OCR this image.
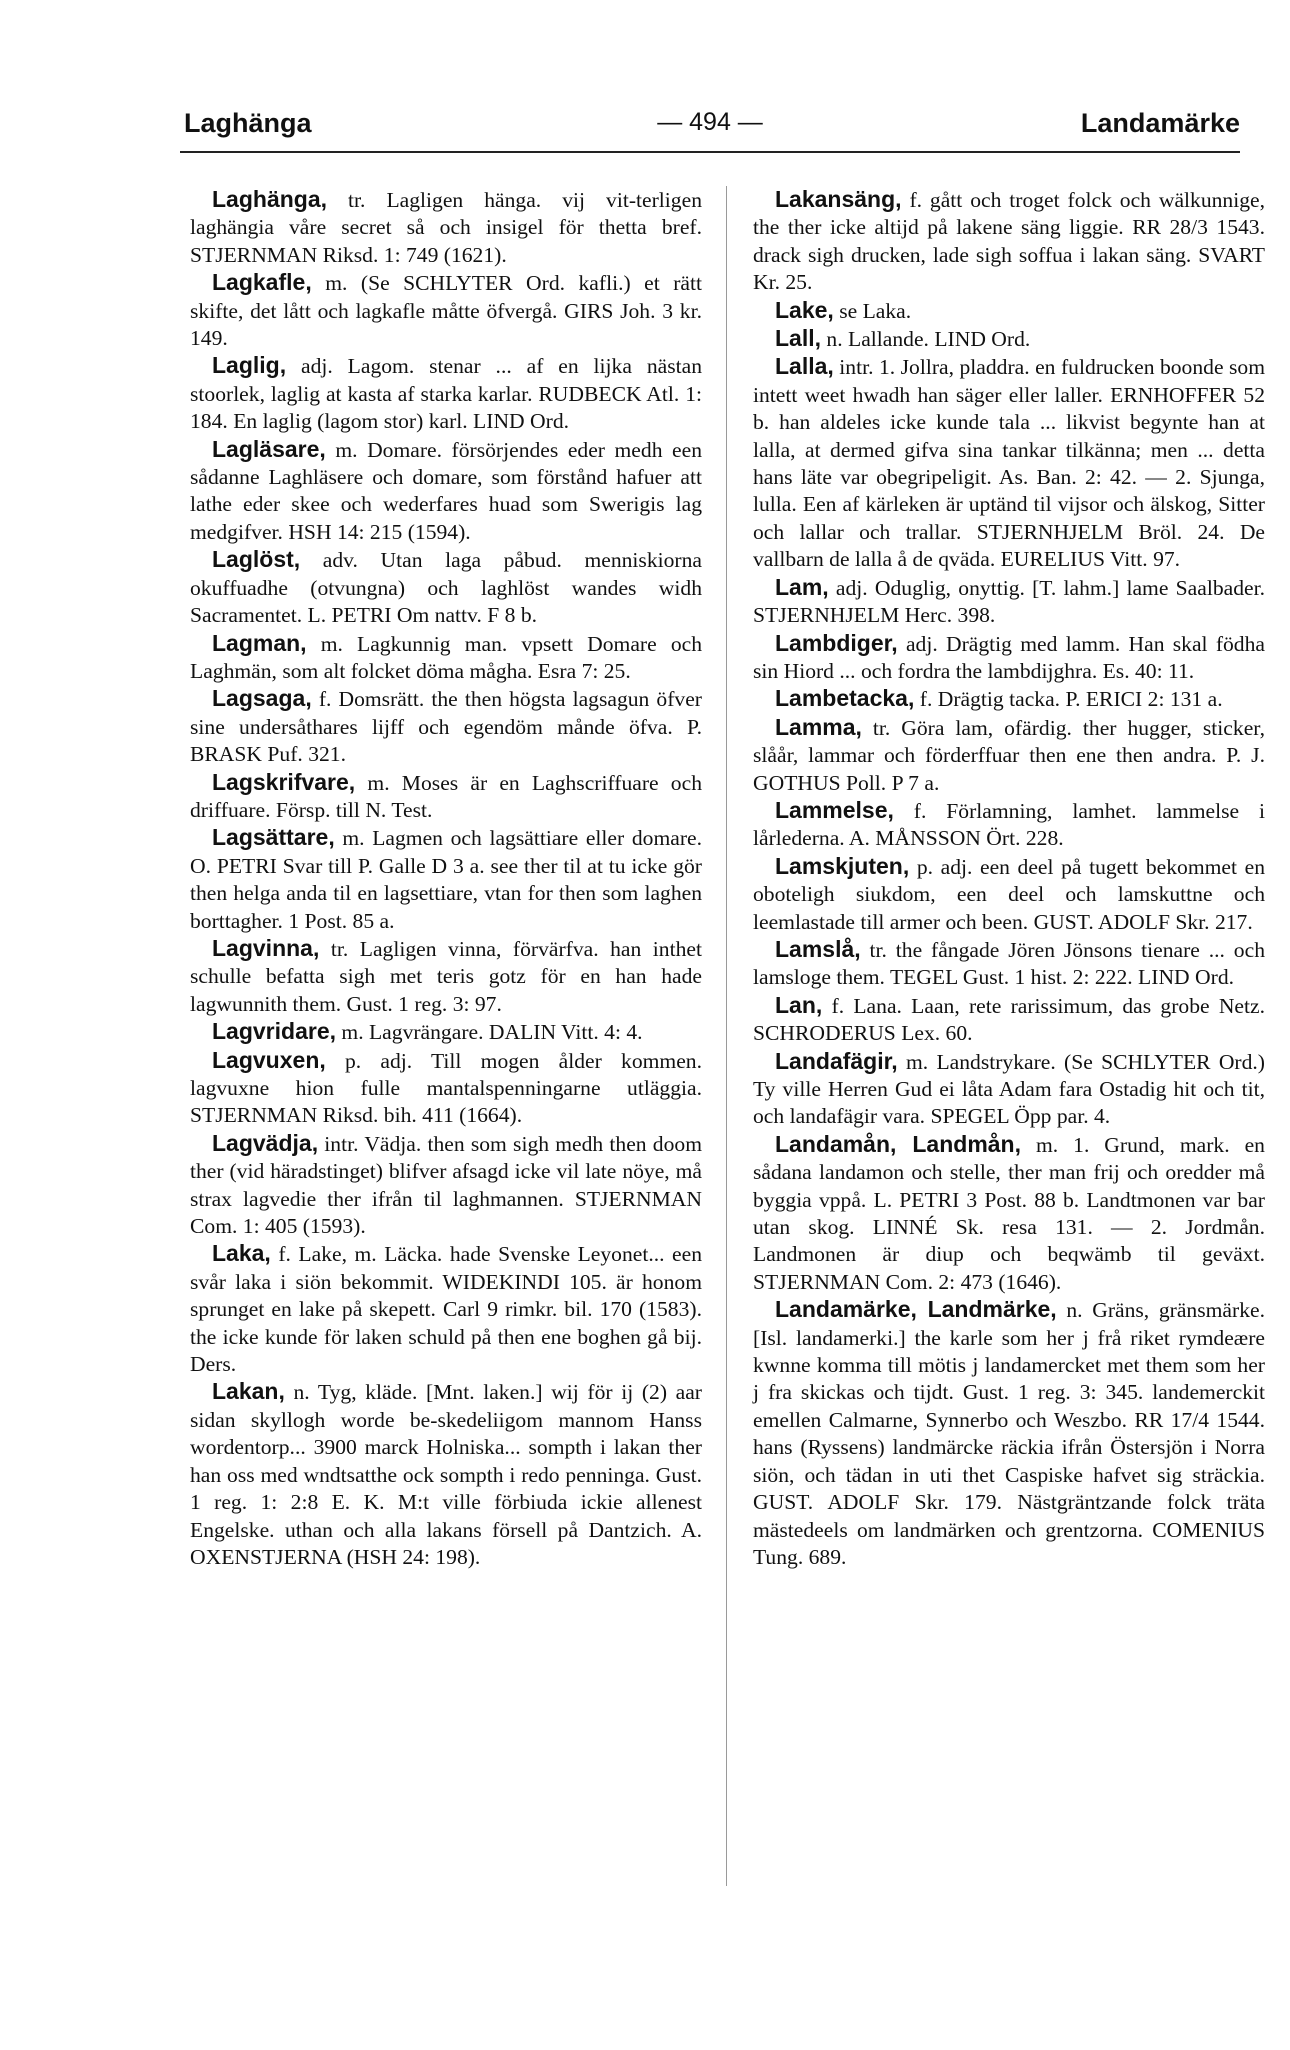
Laghänga	— 494 —	Landamärke

Laghänga, tr. Lagligen hänga. vij vit-terligen laghängia våre secret så och insigel för thetta bref. STJERNMAN Riksd. 1: 749 (1621).

Lagkafle, m. (Se SCHLYTER Ord. kafli.) et rätt skifte, det lått och lagkafle måtte öfvergå. GIRS Joh. 3 kr. 149.

Laglig, adj. Lagom. stenar ... af en lijka nästan stoorlek, laglig at kasta af starka karlar. RUDBECK Atl. 1: 184. En laglig (lagom stor) karl. LIND Ord.

Lagläsare, m. Domare. försörjendes eder medh een sådanne Laghläsere och domare, som förstånd hafuer att lathe eder skee och wederfares huad som Swerigis lag medgifver. HSH 14: 215 (1594).

Laglöst, adv. Utan laga påbud. menniskiorna okuffuadhe (otvungna) och laghlöst wandes widh Sacramentet. L. PETRI Om nattv. F 8 b.

Lagman, m. Lagkunnig man. vpsett Domare och Laghmän, som alt folcket döma mågha. Esra 7: 25.

Lagsaga, f. Domsrätt. the then högsta lagsagun öfver sine undersåthares lijff och egendöm månde öfva. P. BRASK Puf. 321.

Lagskrifvare, m. Moses är en Laghscriffuare och driffuare. Försp. till N. Test.

Lagsättare, m. Lagmen och lagsättiare eller domare. O. PETRI Svar till P. Galle D 3 a. see ther til at tu icke gör then helga anda til en lagsettiare, vtan for then som laghen borttagher. 1 Post. 85 a.

Lagvinna, tr. Lagligen vinna, förvärfva. han inthet schulle befatta sigh met teris gotz för en han hade lagwunnith them. Gust. 1 reg. 3: 97.

Lagvridare, m. Lagvrängare. DALIN Vitt. 4: 4.

Lagvuxen, p. adj. Till mogen ålder kommen. lagvuxne hion fulle mantalspenningarne utläggia. STJERNMAN Riksd. bih. 411 (1664).

Lagvädja, intr. Vädja. then som sigh medh then doom ther (vid häradstinget) blifver afsagd icke vil late nöye, må strax lagvedie ther ifrån til laghmannen. STJERNMAN Com. 1: 405 (1593).

Laka, f. Lake, m. Läcka. hade Svenske Leyonet... een svår laka i siön bekommit. WIDEKINDI 105. är honom sprunget en lake på skepett. Carl 9 rimkr. bil. 170 (1583). the icke kunde för laken schuld på then ene boghen gå bij. Ders.

Lakan, n. Tyg, kläde. [Mnt. laken.] wij för ij (2) aar sidan skyllogh worde be-skedeliigom mannom Hanss wordentorp... 3900 marck Holniska... sompth i lakan ther han oss med wndtsatthe ock sompth i redo penninga. Gust. 1 reg. 1: 2:8 E. K. M:t ville förbiuda ickie allenest Engelske. uthan och alla lakans försell på Dantzich. A. OXENSTJERNA (HSH 24: 198).

Lakansäng, f. gått och troget folck och wälkunnige, the ther icke altijd på lakene säng liggie. RR 28/3 1543. drack sigh drucken, lade sigh soffua i lakan säng. SVART Kr. 25.

Lake, se Laka.

Lall, n. Lallande. LIND Ord.

Lalla, intr. 1. Jollra, pladdra. en fuldrucken boonde som intett weet hwadh han säger eller laller. ERNHOFFER 52 b. han aldeles icke kunde tala ... likvist begynte han at lalla, at dermed gifva sina tankar tilkänna; men ... detta hans läte var obegripeligit. As. Ban. 2: 42. — 2. Sjunga, lulla. Een af kärleken är uptänd til vijsor och älskog, Sitter och lallar och trallar. STJERNHJELM Bröl. 24. De vallbarn de lalla å de qväda. EURELIUS Vitt. 97.

Lam, adj. Oduglig, onyttig. [T. lahm.] lame Saalbader. STJERNHJELM Herc. 398.

Lambdiger, adj. Drägtig med lamm. Han skal födha sin Hiord ... och fordra the lambdijghra. Es. 40: 11.

Lambetacka, f. Drägtig tacka. P. ERICI 2: 131 a.

Lamma, tr. Göra lam, ofärdig. ther hugger, sticker, slåår, lammar och förderffuar then ene then andra. P. J. GOTHUS Poll. P 7 a.

Lammelse, f. Förlamning, lamhet. lammelse i lårlederna. A. MÅNSSON Ört. 228.

Lamskjuten, p. adj. een deel på tugett bekommet en oboteligh siukdom, een deel och lamskuttne och leemlastade till armer och been. GUST. ADOLF Skr. 217.

Lamslå, tr. the fångade Jören Jönsons tienare ... och lamsloge them. TEGEL Gust. 1 hist. 2: 222. LIND Ord.

Lan, f. Lana. Laan, rete rarissimum, das grobe Netz. SCHRODERUS Lex. 60.

Landafägir, m. Landstrykare. (Se SCHLYTER Ord.) Ty ville Herren Gud ei låta Adam fara Ostadig hit och tit, och landafägir vara. SPEGEL Öpp par. 4.

Landamån, Landmån, m. 1. Grund, mark. en sådana landamon och stelle, ther man frij och oredder må byggia vppå. L. PETRI 3 Post. 88 b. Landtmonen var bar utan skog. LINNÉ Sk. resa 131. — 2. Jordmån. Landmonen är diup och beqwämb til geväxt. STJERNMAN Com. 2: 473 (1646).

Landamärke, Landmärke, n. Gräns, gränsmärke. [Isl. landamerki.] the karle som her j frå riket rymdeære kwnne komma till mötis j landamercket met them som her j fra skickas och tijdt. Gust. 1 reg. 3: 345. landemerckit emellen Calmarne, Synnerbo och Weszbo. RR 17/4 1544. hans (Ryssens) landmärcke räckia ifrån Östersjön i Norra siön, och tädan in uti thet Caspiske hafvet sig sträckia. GUST. ADOLF Skr. 179. Nästgräntzande folck träta mästedeels om landmärken och grentzorna. COMENIUS Tung. 689.
